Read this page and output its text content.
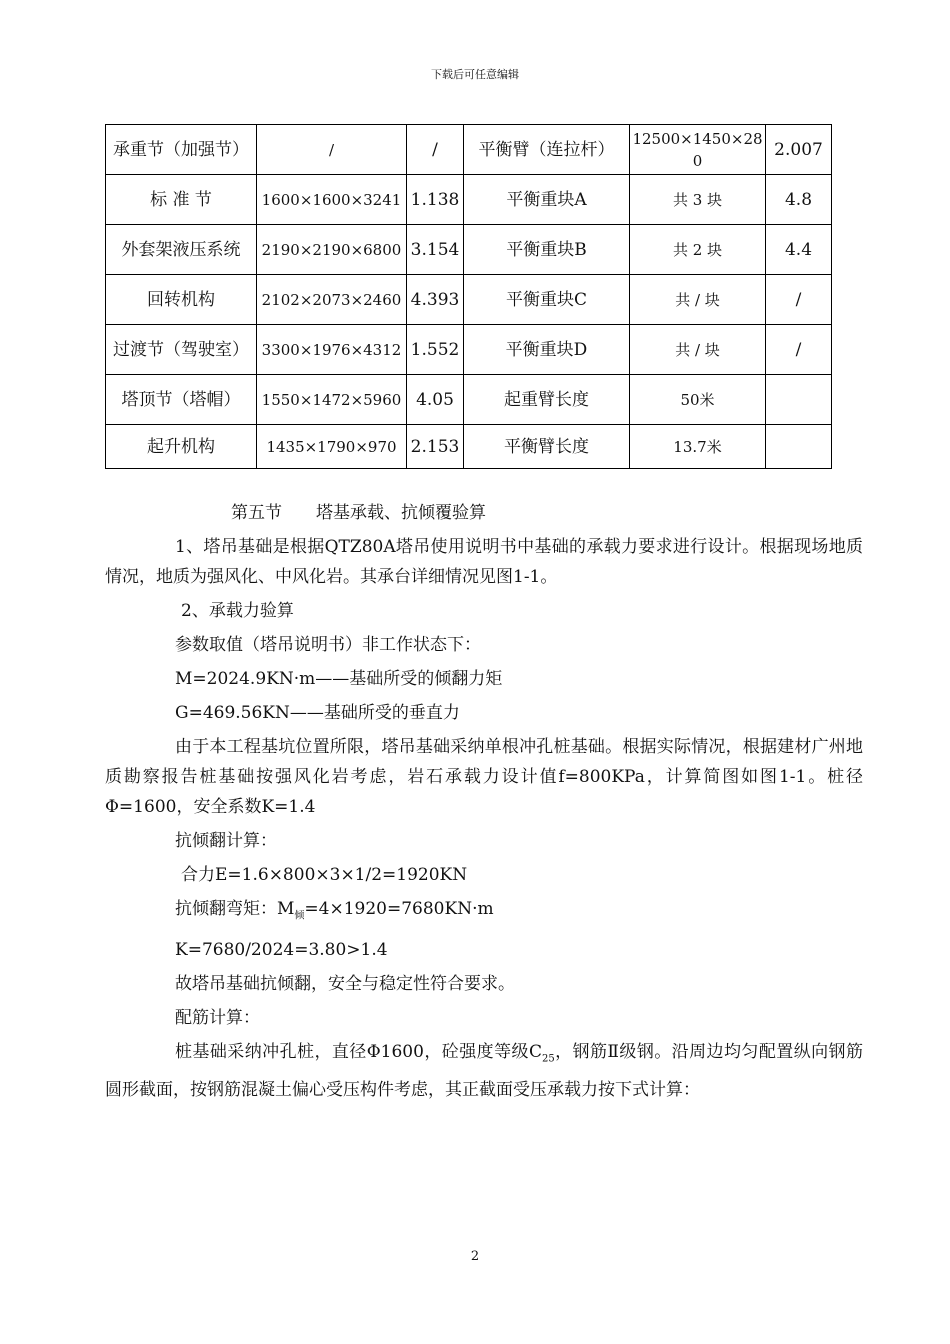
下载后可任意编辑
承重节（加强节）	/	/	平衡臂（连拉杆）	12500×1450×280	2.007
标 准 节	1600×1600×3241	1.138	平衡重块A	共 3 块	4.8
外套架液压系统	2190×2190×6800	3.154	平衡重块B	共 2 块	4.4
回转机构	2102×2073×2460	4.393	平衡重块C	共 / 块	/
过渡节（驾驶室）	3300×1976×4312	1.552	平衡重块D	共 / 块	/
塔顶节（塔帽）	1550×1472×5960	4.05	起重臂长度	50米	
起升机构	1435×1790×970	2.153	平衡臂长度	13.7米	
第五节　　塔基承载、抗倾覆验算
1、塔吊基础是根据QTZ80A塔吊使用说明书中基础的承载力要求进行设计。根据现场地质情况，地质为强风化、中风化岩。其承台详细情况见图1-1。
2、承载力验算
参数取值（塔吊说明书）非工作状态下：
M=2024.9KN·m——基础所受的倾翻力矩
G=469.56KN——基础所受的垂直力
由于本工程基坑位置所限，塔吊基础采纳单根冲孔桩基础。根据实际情况，根据建材广州地质勘察报告桩基础按强风化岩考虑，岩石承载力设计值f=800KPa，计算简图如图1-1。桩径Φ=1600，安全系数K=1.4
抗倾翻计算：
合力E=1.6×800×3×1/2=1920KN
抗倾翻弯矩：$M_倾=4\times 1920=7680KN\cdot m$
K=7680/2024=3.80>1.4
故塔吊基础抗倾翻，安全与稳定性符合要求。
配筋计算：
桩基础采纳冲孔桩，直径Φ1600，砼强度等级$C_{25}$，钢筋Ⅱ级钢。沿周边均匀配置纵向钢筋圆形截面，按钢筋混凝土偏心受压构件考虑，其正截面受压承载力按下式计算：
2
